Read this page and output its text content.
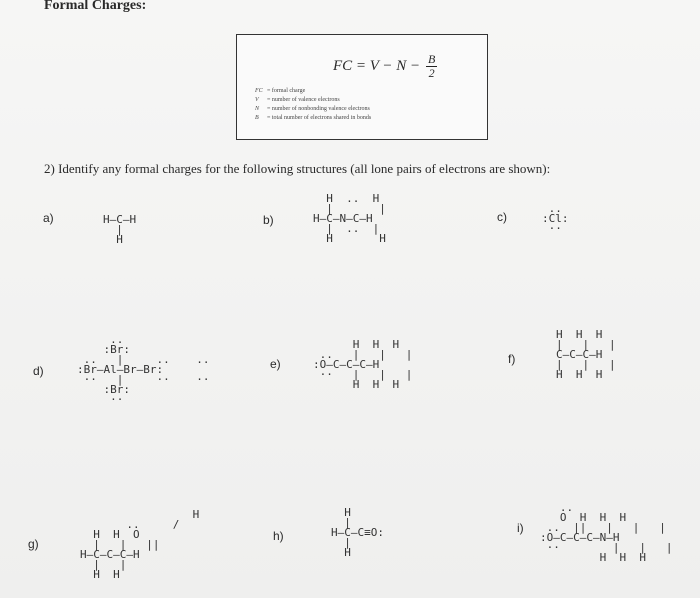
Formal Charges:
FC = $V - N - \frac{B}{2}$
FC = formal charge
V = number of valence electrons
N = number of nonbonding valence electrons
B = total number of electrons shared in bonds
2) Identify any formal charges for the following structures (all lone pairs of electrons are shown):
a)	
H–C–H
|
H
b)
H  ..  H
|       |
H–C–N–C–H
|  ..  |
H       H
c)
..
:Cl:
··
d)
..
:Br:
..   |     ..    ..
:Br–Al–Br–Br:
··   |     ··    ··
:Br:
··
e)
H  H  H
..   |   |   |
:O–C–C–C–H
··   |   |   |
H  H  H
f)
H  H  H
|   |   |
C–C–C–H
|   |   |
H  H  H
g)
H
..     /
H  H  O
|   |   ||
H–C–C–C–H
|   |
H  H
h)
H
|
H–C–C≡O:
|
H
i)
..
O  H  H  H
..  ||   |   |   |
:O–C–C–C–N–H
··        |   |   |
H  H  H
